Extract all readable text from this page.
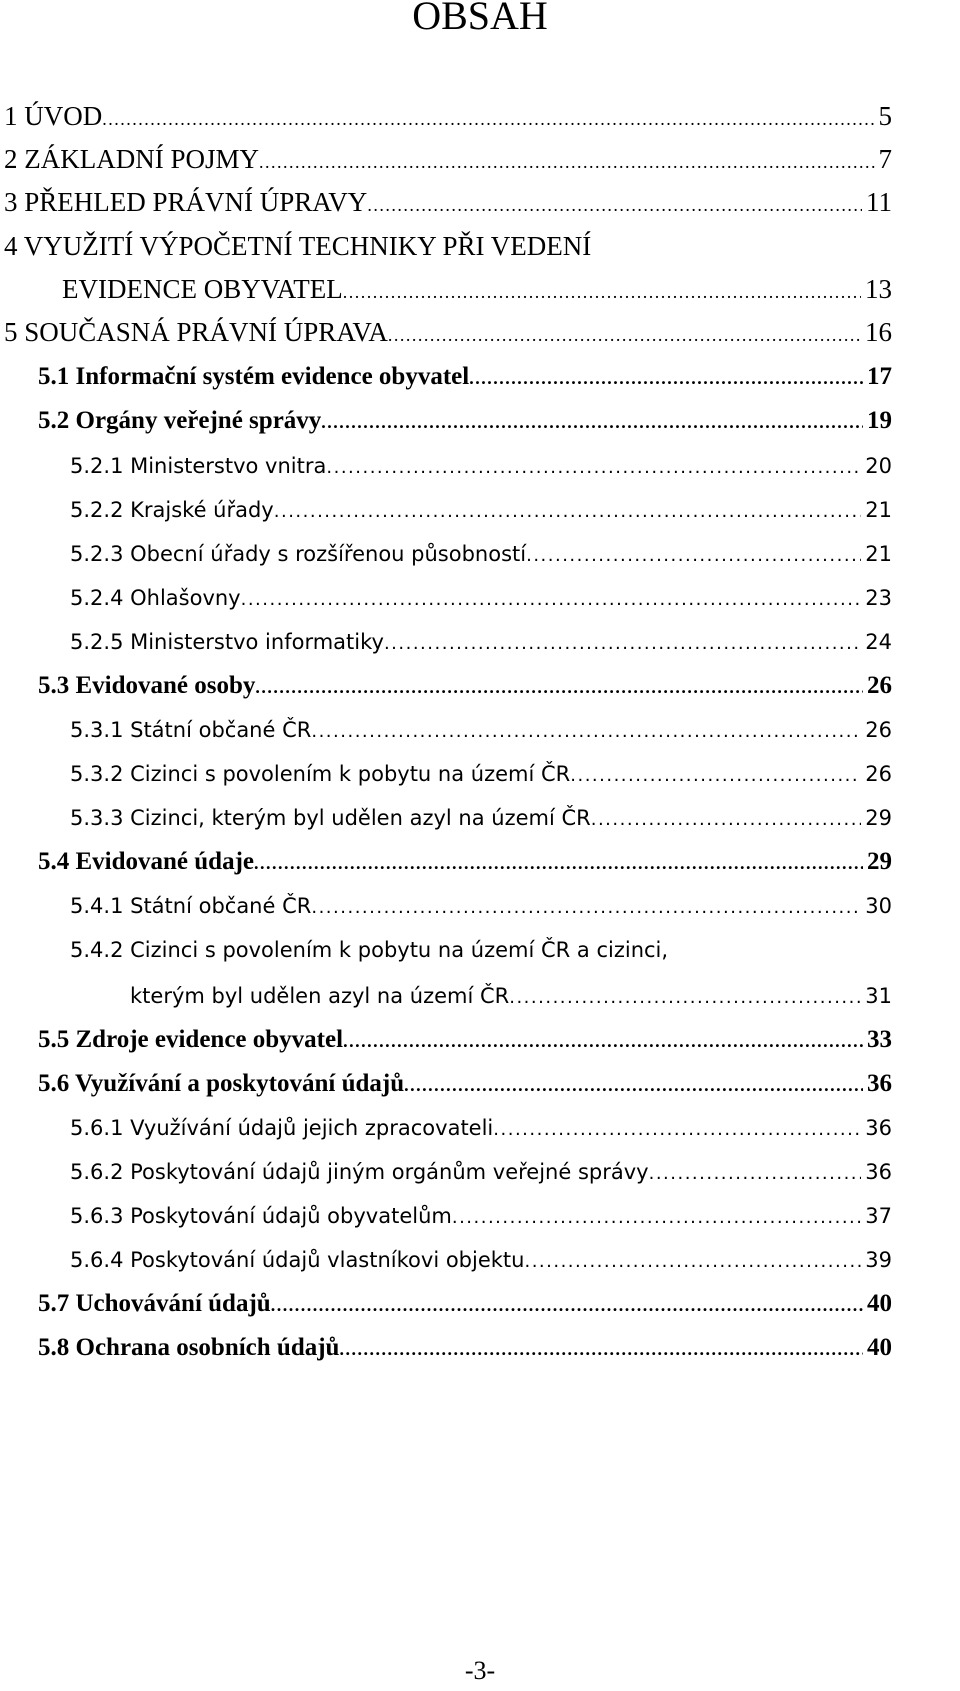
OBSAH
1 ÚVOD .....	5
2 ZÁKLADNÍ POJMY .....	7
3 PŘEHLED PRÁVNÍ ÚPRAVY .....	11
4 VYUŽITÍ VÝPOČETNÍ TECHNIKY PŘI VEDENÍ
EVIDENCE OBYVATEL .....	13
5 SOUČASNÁ PRÁVNÍ ÚPRAVA .....	16
5.1 Informační systém evidence obyvatel .....	17
5.2 Orgány veřejné správy .....	19
5.2.1 Ministerstvo vnitra .....	20
5.2.2 Krajské úřady .....	21
5.2.3 Obecní úřady s rozšířenou působností .....	21
5.2.4 Ohlašovny .....	23
5.2.5 Ministerstvo informatiky .....	24
5.3 Evidované osoby .....	26
5.3.1 Státní občané ČR .....	26
5.3.2 Cizinci s povolením k pobytu na území ČR .....	26
5.3.3 Cizinci, kterým byl udělen azyl na území ČR .....	29
5.4 Evidované údaje .....	29
5.4.1 Státní občané ČR .....	30
5.4.2 Cizinci s povolením k pobytu na území ČR a cizinci,
kterým byl udělen azyl na území ČR .....	31
5.5 Zdroje evidence obyvatel .....	33
5.6 Využívání a poskytování údajů .....	36
5.6.1 Využívání údajů jejich zpracovateli .....	36
5.6.2 Poskytování údajů jiným orgánům veřejné správy .....	36
5.6.3 Poskytování údajů obyvatelům .....	37
5.6.4 Poskytování údajů vlastníkovi objektu .....	39
5.7 Uchovávání údajů .....	40
5.8 Ochrana osobních údajů .....	40
-3-
